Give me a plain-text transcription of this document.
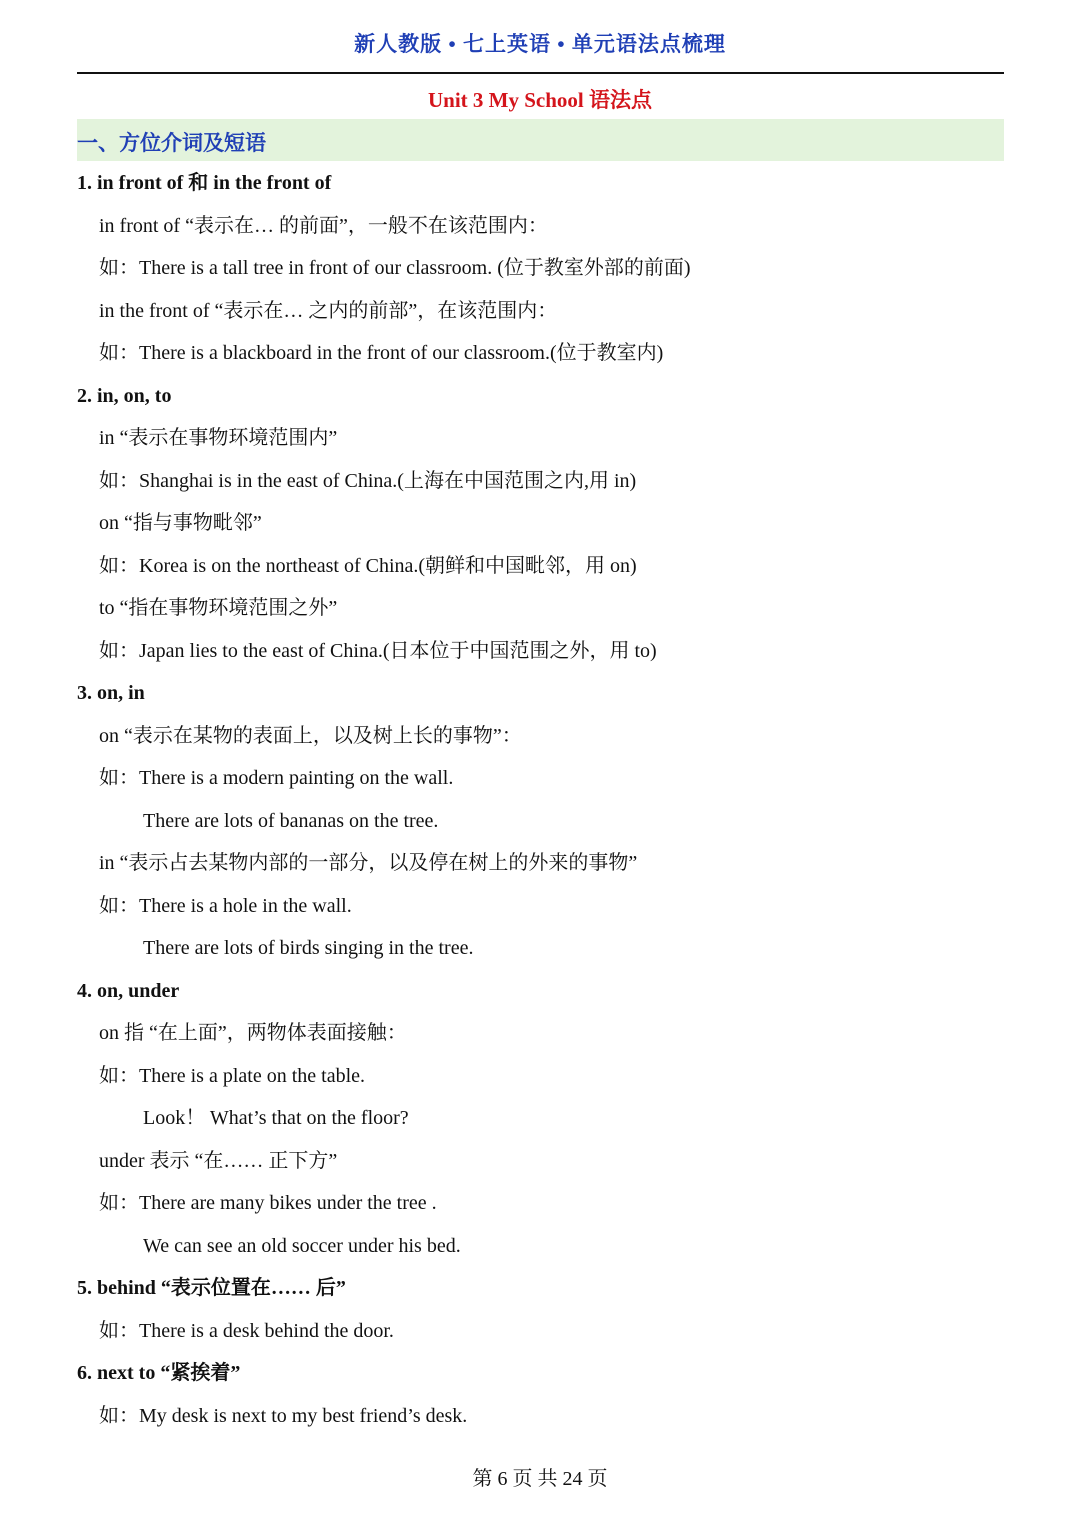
新人教版 • 七上英语 • 单元语法点梳理
Unit 3 My School 语法点
一、方位介词及短语
1. in front of 和 in the front of
in front of “表示在… 的前面”，一般不在该范围内：
如：There is a tall tree in front of our classroom. (位于教室外部的前面)
in the front of “表示在… 之内的前部”，在该范围内：
如：There is a blackboard in the front of our classroom.(位于教室内)
2. in, on, to
in “表示在事物环境范围内”
如：Shanghai is in the east of China.(上海在中国范围之内,用 in)
on “指与事物毗邻”
如：Korea is on the northeast of China.(朝鲜和中国毗邻，用 on)
to “指在事物环境范围之外”
如：Japan lies to the east of China.(日本位于中国范围之外，用 to)
3. on, in
on “表示在某物的表面上，以及树上长的事物”：
如：There is a modern painting on the wall.
There are lots of bananas on the tree.
in “表示占去某物内部的一部分，以及停在树上的外来的事物”
如：There is a hole in the wall.
There are lots of birds singing in the tree.
4. on, under
on 指 “在上面”，两物体表面接触：
如：There is a plate on the table.
Look！ What’s that on the floor?
under 表示 “在…… 正下方”
如：There are many bikes under the tree .
We can see an old soccer under his bed.
5. behind “表示位置在…… 后”
如：There is a desk behind the door.
6. next to “紧挨着”
如：My desk is next to my best friend’s desk.
第 6 页 共 24 页
